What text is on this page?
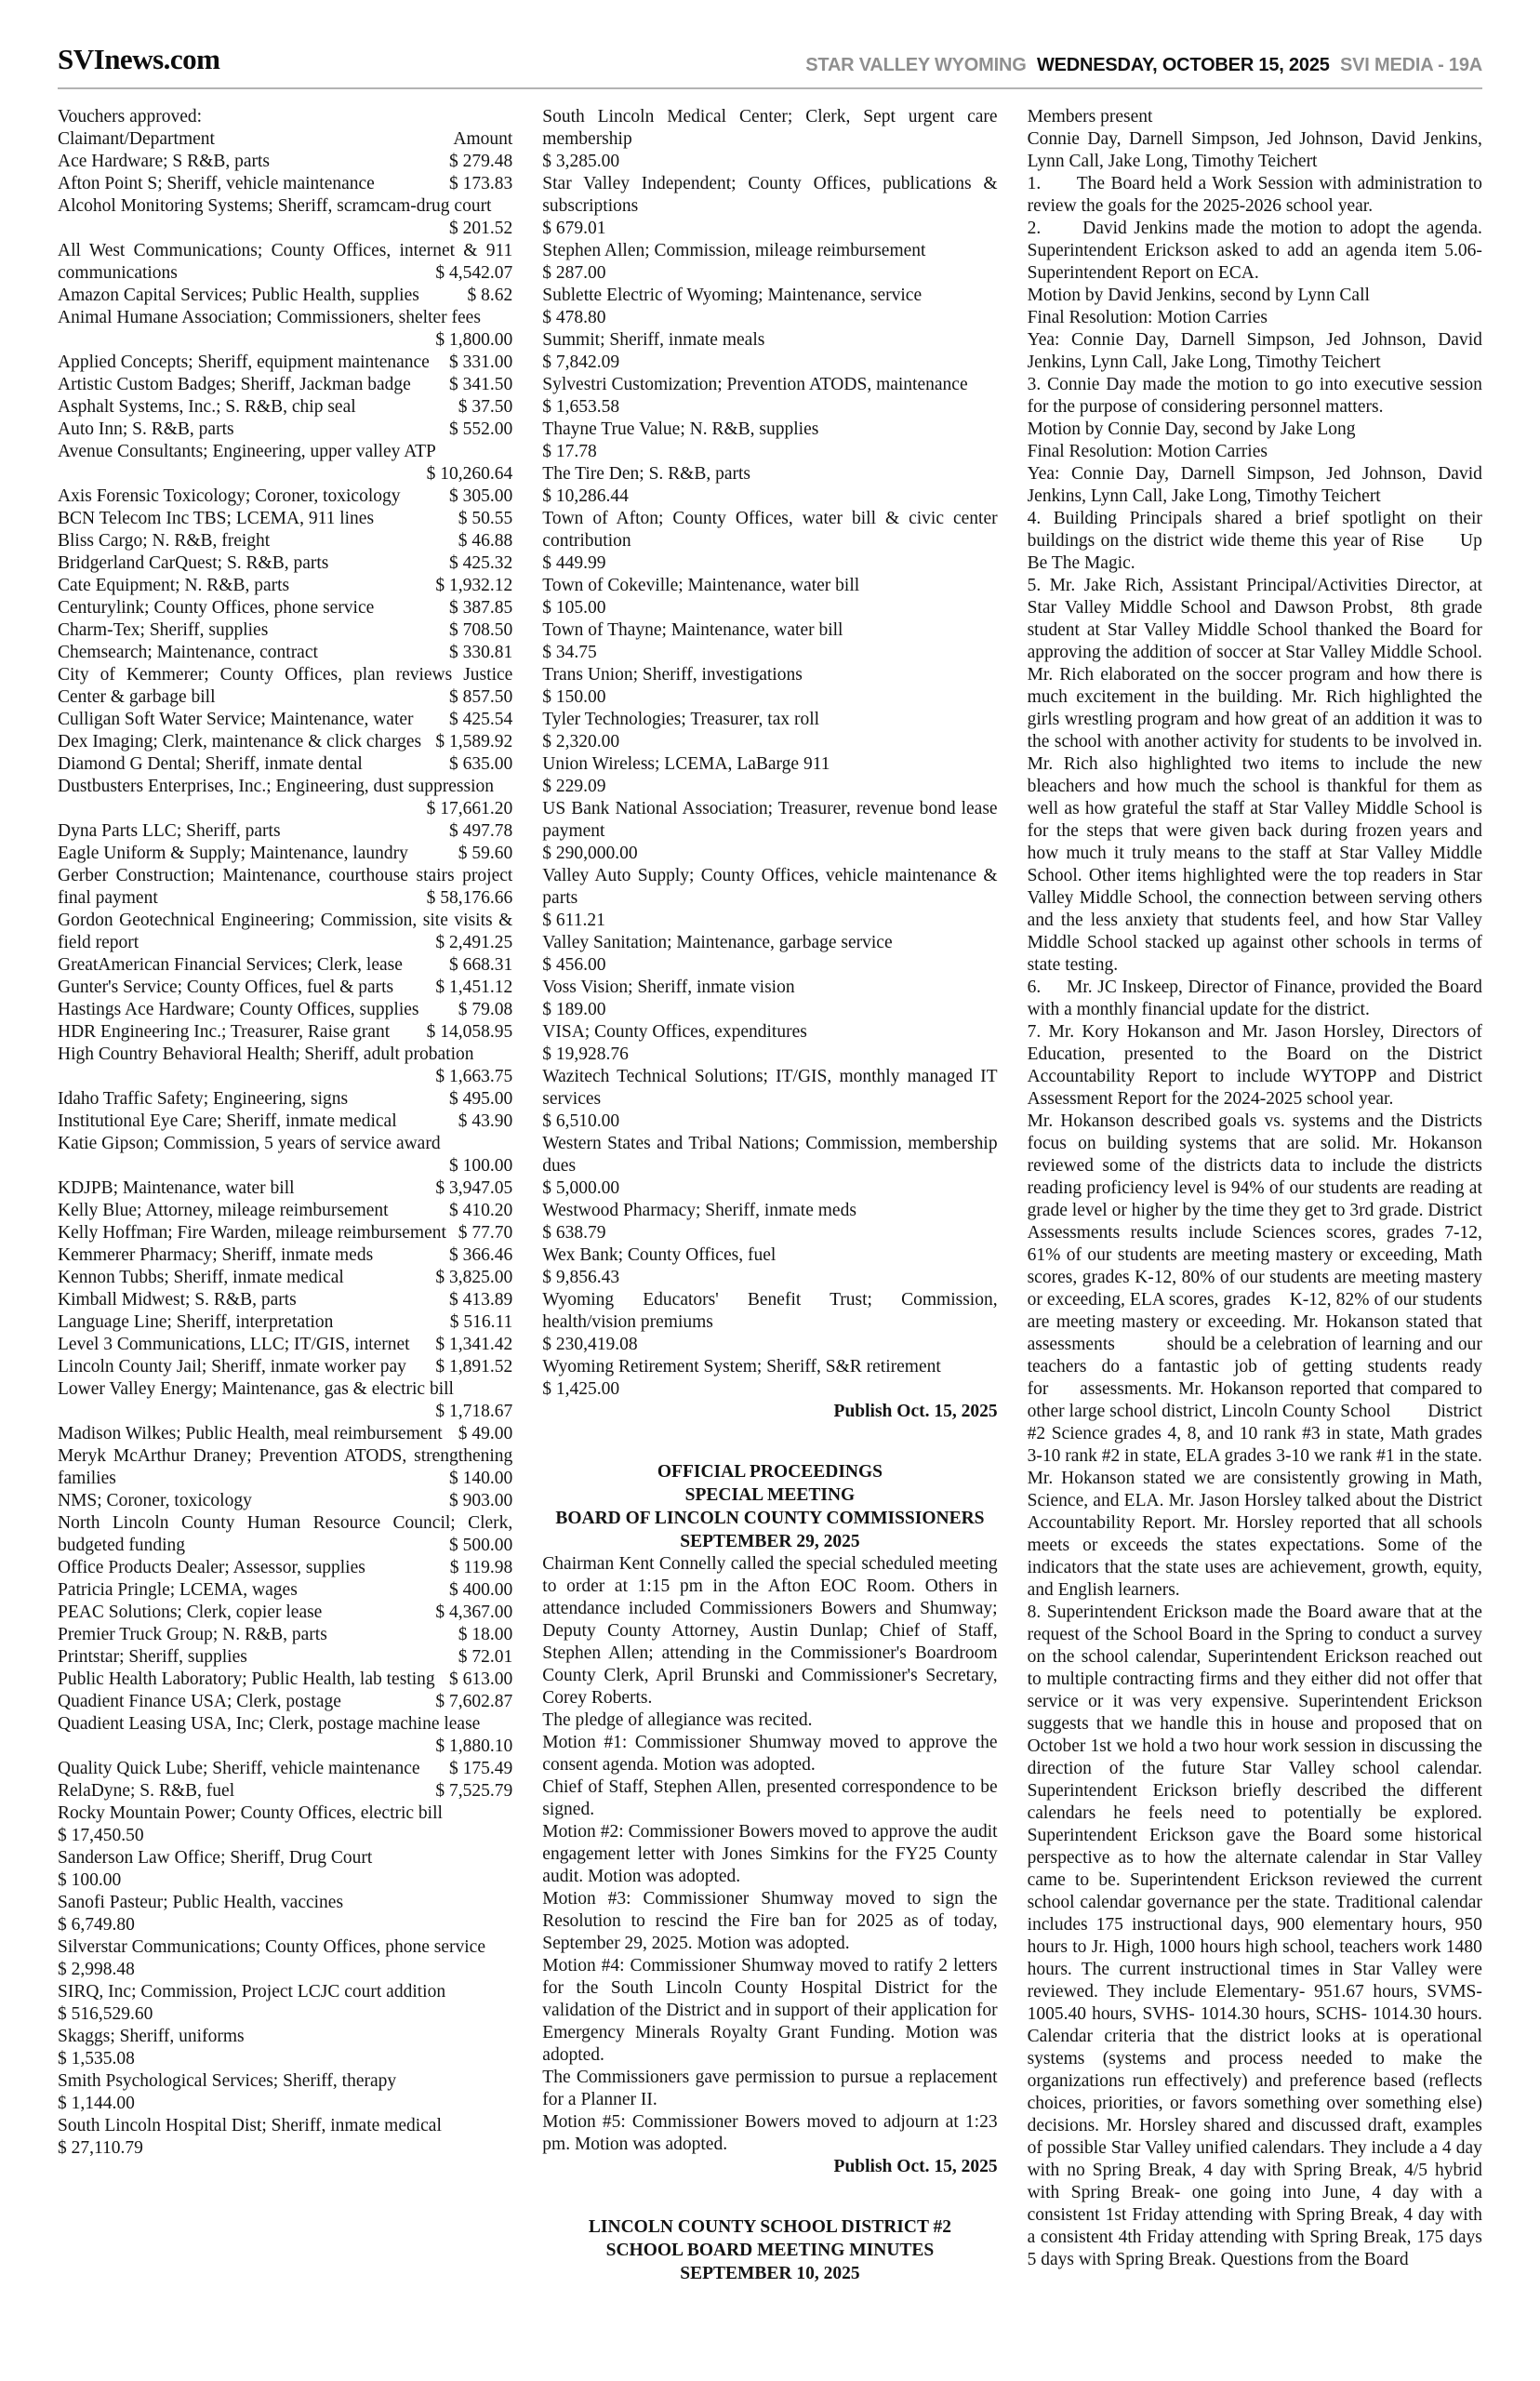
SVInews.com	STAR VALLEY WYOMING WEDNESDAY, OCTOBER 15, 2025 SVI MEDIA - 19A
Vouchers approved:
Claimant/Department	Amount
Ace Hardware; S R&B, parts	$ 279.48
Afton Point S; Sheriff, vehicle maintenance	$ 173.83
Alcohol Monitoring Systems; Sheriff, scramcam-drug court
$ 201.52
All West Communications; County Offices, internet & 911 communications	$ 4,542.07
Amazon Capital Services; Public Health, supplies	$ 8.62
Animal Humane Association; Commissioners, shelter fees
$ 1,800.00
Applied Concepts; Sheriff, equipment maintenance	$ 331.00
Artistic Custom Badges; Sheriff, Jackman badge	$ 341.50
Asphalt Systems, Inc.; S. R&B, chip seal	$ 37.50
Auto Inn; S. R&B, parts	$ 552.00
Avenue Consultants; Engineering, upper valley ATP
$ 10,260.64
Axis Forensic Toxicology; Coroner, toxicology	$ 305.00
BCN Telecom Inc TBS; LCEMA, 911 lines	$ 50.55
Bliss Cargo; N. R&B, freight	$ 46.88
Bridgerland CarQuest; S. R&B, parts	$ 425.32
Cate Equipment; N. R&B, parts	$ 1,932.12
Centurylink; County Offices, phone service	$ 387.85
Charm-Tex; Sheriff, supplies	$ 708.50
Chemsearch; Maintenance, contract	$ 330.81
City of Kemmerer; County Offices, plan reviews Justice Center & garbage bill	$ 857.50
Culligan Soft Water Service; Maintenance, water	$ 425.54
Dex Imaging; Clerk, maintenance & click charges $ 1,589.92
Diamond G Dental; Sheriff, inmate dental	$ 635.00
Dustbusters Enterprises, Inc.; Engineering, dust suppression
$ 17,661.20
Dyna Parts LLC; Sheriff, parts	$ 497.78
Eagle Uniform & Supply; Maintenance, laundry	$ 59.60
Gerber Construction; Maintenance, courthouse stairs project final payment	$ 58,176.66
Gordon Geotechnical Engineering; Commission, site visits & field report	$ 2,491.25
GreatAmerican Financial Services; Clerk, lease	$ 668.31
Gunter's Service; County Offices, fuel & parts	$ 1,451.12
Hastings Ace Hardware; County Offices, supplies	$ 79.08
HDR Engineering Inc.; Treasurer, Raise grant	$ 14,058.95
High Country Behavioral Health; Sheriff, adult probation
$ 1,663.75
Idaho Traffic Safety; Engineering, signs	$ 495.00
Institutional Eye Care; Sheriff, inmate medical	$ 43.90
Katie Gipson; Commission, 5 years of service award
$ 100.00
KDJPB; Maintenance, water bill	$ 3,947.05
Kelly Blue; Attorney, mileage reimbursement	$ 410.20
Kelly Hoffman; Fire Warden, mileage reimbursement $ 77.70
Kemmerer Pharmacy; Sheriff, inmate meds	$ 366.46
Kennon Tubbs; Sheriff, inmate medical	$ 3,825.00
Kimball Midwest; S. R&B, parts	$ 413.89
Language Line; Sheriff, interpretation	$ 516.11
Level 3 Communications, LLC; IT/GIS, internet	$ 1,341.42
Lincoln County Jail; Sheriff, inmate worker pay	$ 1,891.52
Lower Valley Energy; Maintenance, gas & electric bill
$ 1,718.67
Madison Wilkes; Public Health, meal reimbursement $ 49.00
Meryk McArthur Draney; Prevention ATODS, strengthening families	$ 140.00
NMS; Coroner, toxicology	$ 903.00
North Lincoln County Human Resource Council; Clerk, budgeted funding	$ 500.00
Office Products Dealer; Assessor, supplies	$ 119.98
Patricia Pringle; LCEMA, wages	$ 400.00
PEAC Solutions; Clerk, copier lease	$ 4,367.00
Premier Truck Group; N. R&B, parts	$ 18.00
Printstar; Sheriff, supplies	$ 72.01
Public Health Laboratory; Public Health, lab testing $ 613.00
Quadient Finance USA; Clerk, postage	$ 7,602.87
Quadient Leasing USA, Inc; Clerk, postage machine lease
$ 1,880.10
Quality Quick Lube; Sheriff, vehicle maintenance	$ 175.49
RelaDyne; S. R&B, fuel	$ 7,525.79
Rocky Mountain Power; County Offices, electric bill
$ 17,450.50
Sanderson Law Office; Sheriff, Drug Court
$ 100.00
Sanofi Pasteur; Public Health, vaccines
$ 6,749.80
Silverstar Communications; County Offices, phone service
$ 2,998.48
SIRQ, Inc; Commission, Project LCJC court addition
$ 516,529.60
Skaggs; Sheriff, uniforms
$ 1,535.08
Smith Psychological Services; Sheriff, therapy
$ 1,144.00
South Lincoln Hospital Dist; Sheriff, inmate medical
$ 27,110.79
South Lincoln Medical Center; Clerk, Sept urgent care membership
$ 3,285.00
Star Valley Independent; County Offices, publications & subscriptions
$ 679.01
Stephen Allen; Commission, mileage reimbursement
$ 287.00
Sublette Electric of Wyoming; Maintenance, service
$ 478.80
Summit; Sheriff, inmate meals
$ 7,842.09
Sylvestri Customization; Prevention ATODS, maintenance
$ 1,653.58
Thayne True Value; N. R&B, supplies
$ 17.78
The Tire Den; S. R&B, parts
$ 10,286.44
Town of Afton; County Offices, water bill & civic center contribution
$ 449.99
Town of Cokeville; Maintenance, water bill
$ 105.00
Town of Thayne; Maintenance, water bill
$ 34.75
Trans Union; Sheriff, investigations
$ 150.00
Tyler Technologies; Treasurer, tax roll
$ 2,320.00
Union Wireless; LCEMA, LaBarge 911
$ 229.09
US Bank National Association; Treasurer, revenue bond lease payment
$ 290,000.00
Valley Auto Supply; County Offices, vehicle maintenance & parts
$ 611.21
Valley Sanitation; Maintenance, garbage service
$ 456.00
Voss Vision; Sheriff, inmate vision
$ 189.00
VISA; County Offices, expenditures
$ 19,928.76
Wazitech Technical Solutions; IT/GIS, monthly managed IT services
$ 6,510.00
Western States and Tribal Nations; Commission, membership dues
$ 5,000.00
Westwood Pharmacy; Sheriff, inmate meds
$ 638.79
Wex Bank; County Offices, fuel
$ 9,856.43
Wyoming Educators' Benefit Trust; Commission, health/vision premiums
$ 230,419.08
Wyoming Retirement System; Sheriff, S&R retirement
$ 1,425.00
Publish Oct. 15, 2025
OFFICIAL PROCEEDINGS
SPECIAL MEETING
BOARD OF LINCOLN COUNTY COMMISSIONERS
SEPTEMBER 29, 2025

Chairman Kent Connelly called the special scheduled meeting to order at 1:15 pm in the Afton EOC Room. Others in attendance included Commissioners Bowers and Shumway; Deputy County Attorney, Austin Dunlap; Chief of Staff, Stephen Allen; attending in the Commissioner's Boardroom County Clerk, April Brunski and Commissioner's Secretary, Corey Roberts.

The pledge of allegiance was recited.

Motion #1: Commissioner Shumway moved to approve the consent agenda. Motion was adopted.

Chief of Staff, Stephen Allen, presented correspondence to be signed.

Motion #2: Commissioner Bowers moved to approve the audit engagement letter with Jones Simkins for the FY25 County audit. Motion was adopted.

Motion #3: Commissioner Shumway moved to sign the Resolution to rescind the Fire ban for 2025 as of today, September 29, 2025. Motion was adopted.

Motion #4: Commissioner Shumway moved to ratify 2 letters for the South Lincoln County Hospital District for the validation of the District and in support of their application for Emergency Minerals Royalty Grant Funding. Motion was adopted.

The Commissioners gave permission to pursue a replacement for a Planner II.

Motion #5: Commissioner Bowers moved to adjourn at 1:23 pm. Motion was adopted.

Publish Oct. 15, 2025
LINCOLN COUNTY SCHOOL DISTRICT #2
SCHOOL BOARD MEETING MINUTES
SEPTEMBER 10, 2025

Members present

Connie Day, Darnell Simpson, Jed Johnson, David Jenkins, Lynn Call, Jake Long, Timothy Teichert

1.      The Board held a Work Session with administration to review the goals for the 2025-2026 school year.

2.      David Jenkins made the motion to adopt the agenda. Superintendent Erickson asked to add an agenda item 5.06- Superintendent Report on ECA.

Motion by David Jenkins, second by Lynn Call

Final Resolution: Motion Carries

Yea: Connie Day, Darnell Simpson, Jed Johnson, David Jenkins, Lynn Call, Jake Long, Timothy Teichert

3. Connie Day made the motion to go into executive session for the purpose of considering personnel matters.

Motion by Connie Day, second by Jake Long

Final Resolution: Motion Carries

Yea: Connie Day, Darnell Simpson, Jed Johnson, David Jenkins, Lynn Call, Jake Long, Timothy Teichert

4. Building Principals shared a brief spotlight on their buildings on the district wide theme this year of Rise      Up Be The Magic.

5. Mr. Jake Rich, Assistant Principal/Activities Director, at Star Valley Middle School and Dawson Probst,  8th grade student at Star Valley Middle School thanked the Board for approving the addition of soccer at Star Valley Middle School. Mr. Rich elaborated on the soccer program and how there is much excitement in the building. Mr. Rich highlighted the girls wrestling program and how great of an addition it was to the school with another activity for students to be involved in. Mr. Rich also highlighted two items to include the new bleachers and how much the school is thankful for them as well as how grateful the staff at Star Valley Middle School is for the steps that were given back during frozen years and how much it truly means to the staff at Star Valley Middle School. Other items highlighted were the top readers in Star Valley Middle School, the connection between serving others and the less anxiety that students feel, and how Star Valley Middle School stacked up against other schools in terms of state testing.

6.     Mr. JC Inskeep, Director of Finance, provided the Board with a monthly financial update for the district.

7. Mr. Kory Hokanson and Mr. Jason Horsley, Directors of Education, presented to the Board on the District Accountability Report to include WYTOPP and District Assessment Report for the 2024-2025 school year.

Mr. Hokanson described goals vs. systems and the Districts focus on building systems that are solid. Mr. Hokanson reviewed some of the districts data to include the districts reading proficiency level is 94% of our students are reading at grade level or higher by the time they get to 3rd grade. District Assessments results include Sciences scores, grades 7-12, 61% of our students are meeting mastery or exceeding, Math scores, grades K-12, 80% of our students are meeting mastery or exceeding, ELA scores, grades    K-12, 82% of our students are meeting mastery or exceeding. Mr. Hokanson stated that assessments          should be a celebration of learning and our teachers do a fantastic job of getting students ready for     assessments. Mr. Hokanson reported that compared to other large school district, Lincoln County School        District #2 Science grades 4, 8, and 10 rank #3 in state, Math grades 3-10 rank #2 in state, ELA grades 3-10 we rank #1 in the state. Mr. Hokanson stated we are consistently growing in Math, Science, and ELA. Mr. Jason Horsley talked about the District Accountability Report. Mr. Horsley reported that all schools meets or exceeds the states expectations. Some of the indicators that the state uses are achievement, growth, equity, and English learners.

8. Superintendent Erickson made the Board aware that at the request of the School Board in the Spring to conduct a survey on the school calendar, Superintendent Erickson reached out to multiple contracting firms and they either did not offer that service or it was very expensive. Superintendent Erickson suggests that we handle this in house and proposed that on October 1st we hold a two hour work session in discussing the direction of the future Star Valley school calendar. Superintendent Erickson briefly described the different calendars he feels need to potentially be explored. Superintendent Erickson gave the Board some historical perspective as to how the alternate calendar in Star Valley came to be. Superintendent Erickson reviewed the current school calendar governance per the state. Traditional calendar includes 175 instructional days, 900 elementary hours, 950 hours to Jr. High, 1000 hours high school, teachers work 1480 hours. The current instructional times in Star Valley were reviewed. They include Elementary- 951.67 hours, SVMS- 1005.40 hours, SVHS- 1014.30 hours, SCHS- 1014.30 hours. Calendar criteria that the district looks at is operational systems (systems and process needed to make the organizations run effectively) and preference based (reflects choices, priorities, or favors something over something else) decisions. Mr. Horsley shared and discussed draft, examples of possible Star Valley unified calendars. They include a 4 day with no Spring Break, 4 day with Spring Break, 4/5 hybrid with Spring Break- one going into June, 4 day with a consistent 1st Friday attending with Spring Break, 4 day with a consistent 4th Friday attending with Spring Break, 175 days 5 days with Spring Break. Questions from the Board
